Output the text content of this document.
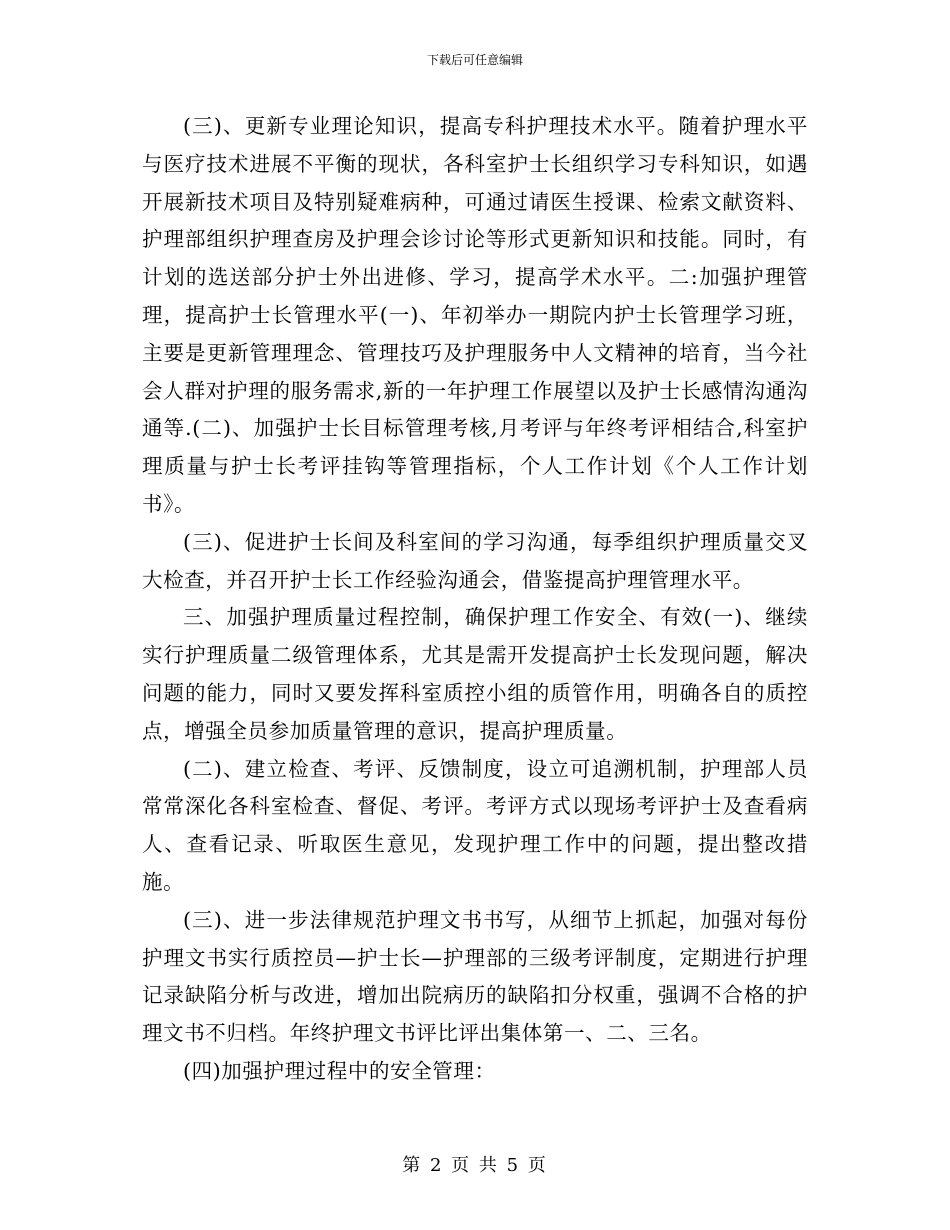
下载后可任意编辑

(三)、更新专业理论知识，提高专科护理技术水平。随着护理水平与医疗技术进展不平衡的现状，各科室护士长组织学习专科知识，如遇开展新技术项目及特别疑难病种，可通过请医生授课、检索文献资料、护理部组织护理查房及护理会诊讨论等形式更新知识和技能。同时，有计划的选送部分护士外出进修、学习，提高学术水平。二:加强护理管理，提高护士长管理水平(一)、年初举办一期院内护士长管理学习班，主要是更新管理理念、管理技巧及护理服务中人文精神的培育，当今社会人群对护理的服务需求,新的一年护理工作展望以及护士长感情沟通沟通等.(二)、加强护士长目标管理考核,月考评与年终考评相结合,科室护理质量与护士长考评挂钩等管理指标，个人工作计划《个人工作计划书》。

(三)、促进护士长间及科室间的学习沟通，每季组织护理质量交叉大检查，并召开护士长工作经验沟通会，借鉴提高护理管理水平。

三、加强护理质量过程控制，确保护理工作安全、有效(一)、继续实行护理质量二级管理体系，尤其是需开发提高护士长发现问题，解决问题的能力，同时又要发挥科室质控小组的质管作用，明确各自的质控点，增强全员参加质量管理的意识，提高护理质量。

(二)、建立检查、考评、反馈制度，设立可追溯机制，护理部人员常常深化各科室检查、督促、考评。考评方式以现场考评护士及查看病人、查看记录、听取医生意见，发现护理工作中的问题，提出整改措施。

(三)、进一步法律规范护理文书书写，从细节上抓起，加强对每份护理文书实行质控员—护士长—护理部的三级考评制度，定期进行护理记录缺陷分析与改进，增加出院病历的缺陷扣分权重，强调不合格的护理文书不归档。年终护理文书评比评出集体第一、二、三名。

(四)加强护理过程中的安全管理：

第 2 页 共 5 页
